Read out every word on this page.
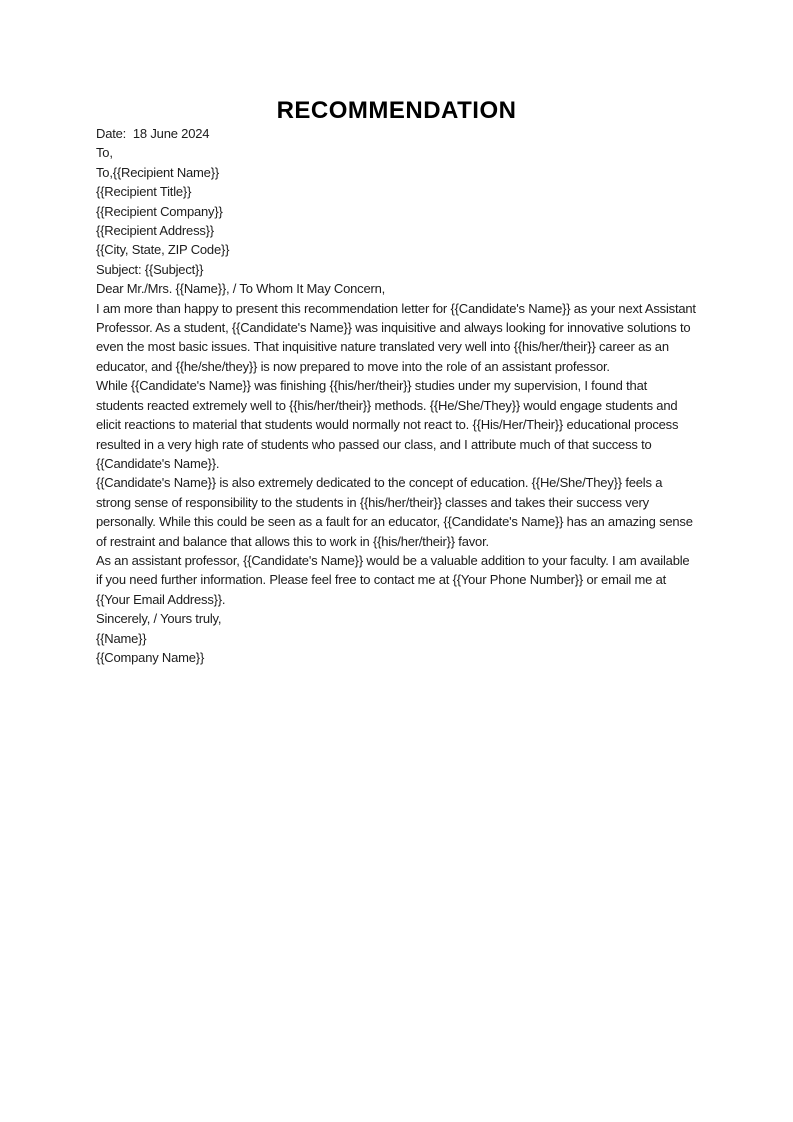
RECOMMENDATION

Date:  18 June 2024

To,

To,{{Recipient Name}}
{{Recipient Title}}
{{Recipient Company}}
{{Recipient Address}}
{{City, State, ZIP Code}}

Subject: {{Subject}}

Dear Mr./Mrs. {{Name}}, / To Whom It May Concern,

I am more than happy to present this recommendation letter for {{Candidate's Name}} as your next Assistant Professor. As a student, {{Candidate's Name}} was inquisitive and always looking for innovative solutions to even the most basic issues. That inquisitive nature translated very well into {{his/her/their}} career as an educator, and {{he/she/they}} is now prepared to move into the role of an assistant professor.

While {{Candidate's Name}} was finishing {{his/her/their}} studies under my supervision, I found that students reacted extremely well to {{his/her/their}} methods. {{He/She/They}} would engage students and elicit reactions to material that students would normally not react to. {{His/Her/Their}} educational process resulted in a very high rate of students who passed our class, and I attribute much of that success to {{Candidate's Name}}.

{{Candidate's Name}} is also extremely dedicated to the concept of education. {{He/She/They}} feels a strong sense of responsibility to the students in {{his/her/their}} classes and takes their success very personally. While this could be seen as a fault for an educator, {{Candidate's Name}} has an amazing sense of restraint and balance that allows this to work in {{his/her/their}} favor.

As an assistant professor, {{Candidate's Name}} would be a valuable addition to your faculty. I am available if you need further information. Please feel free to contact me at {{Your Phone Number}} or email me at {{Your Email Address}}.

Sincerely, / Yours truly,

{{Name}}
{{Company Name}}
